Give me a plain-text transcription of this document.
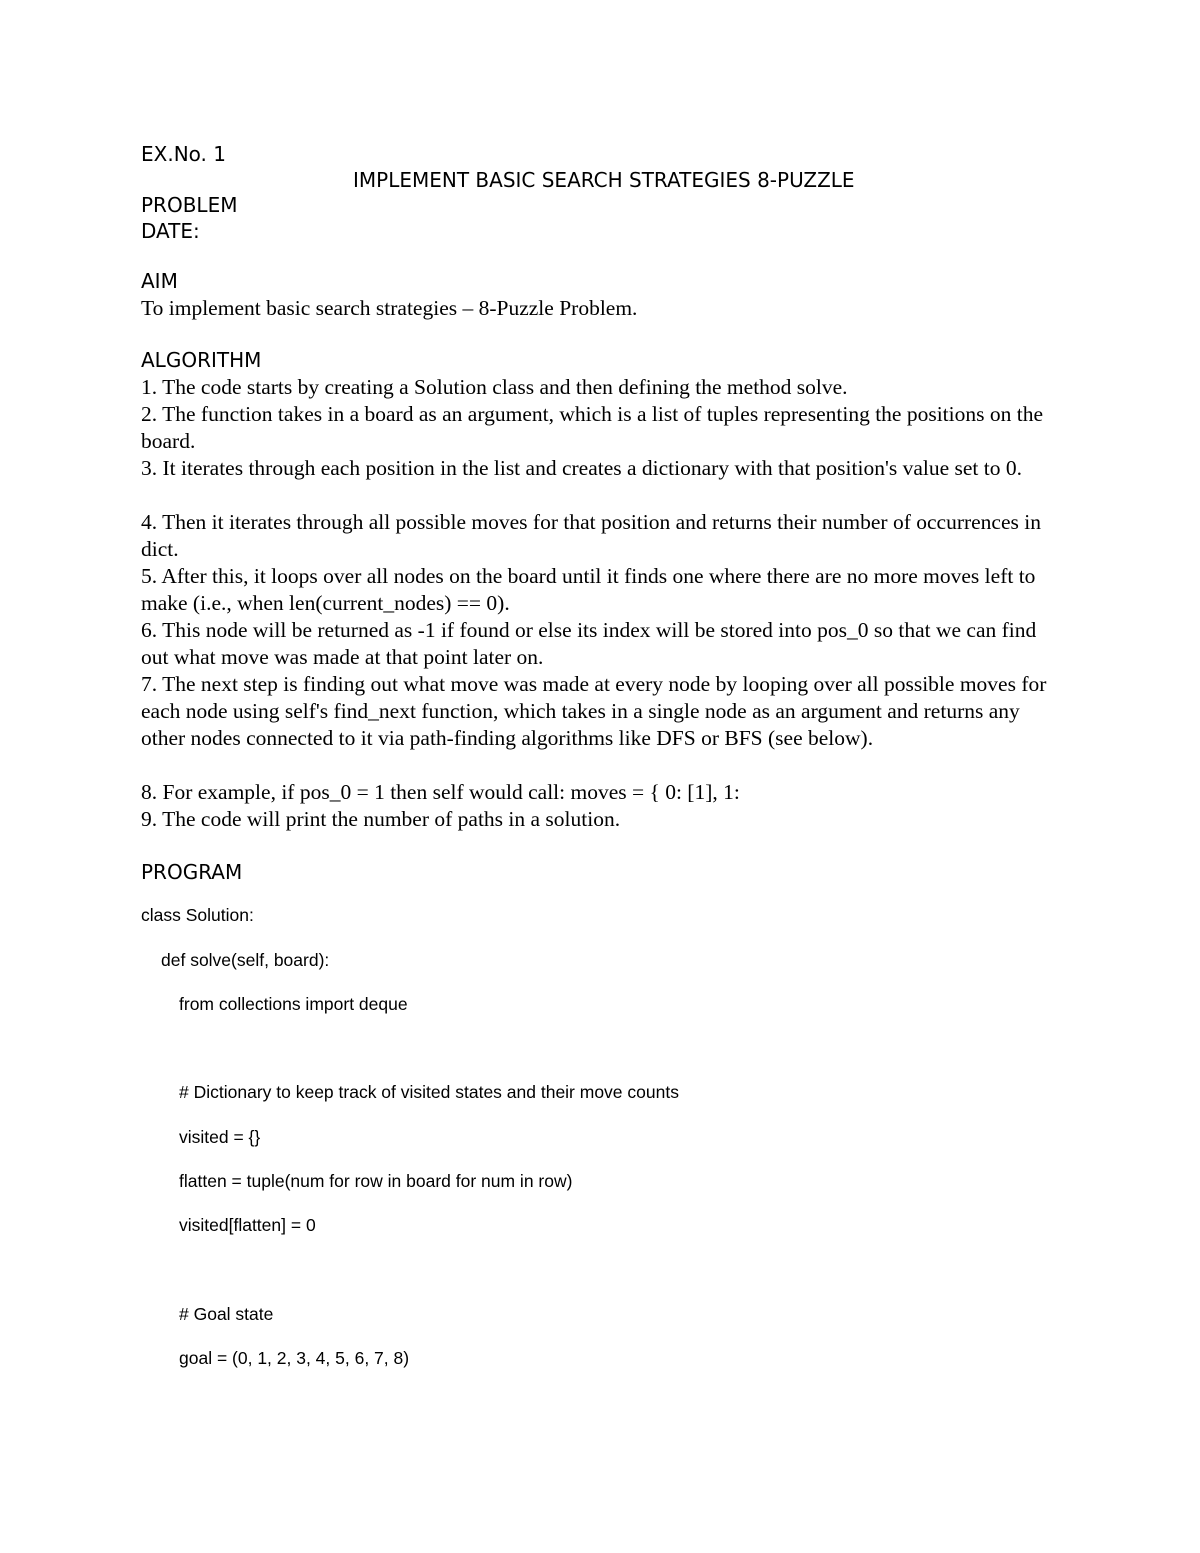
EX.No. 1
IMPLEMENT BASIC SEARCH STRATEGIES 8-PUZZLE
PROBLEM
DATE:
AIM
To implement basic search strategies – 8-Puzzle Problem.
ALGORITHM
1. The code starts by creating a Solution class and then defining the method solve.
2. The function takes in a board as an argument, which is a list of tuples representing the positions on the board.
3. It iterates through each position in the list and creates a dictionary with that position's value set to 0.
4. Then it iterates through all possible moves for that position and returns their number of occurrences in dict.
5. After this, it loops over all nodes on the board until it finds one where there are no more moves left to make (i.e., when len(current_nodes) == 0).
6. This node will be returned as -1 if found or else its index will be stored into pos_0 so that we can find out what move was made at that point later on.
7. The next step is finding out what move was made at every node by looping over all possible moves for each node using self's find_next function, which takes in a single node as an argument and returns any other nodes connected to it via path-finding algorithms like DFS or BFS (see below).
8. For example, if pos_0 = 1 then self would call: moves = { 0: [1], 1:
9. The code will print the number of paths in a solution.
PROGRAM
class Solution:
def solve(self, board):
from collections import deque
# Dictionary to keep track of visited states and their move counts
visited = {}
flatten = tuple(num for row in board for num in row)
visited[flatten] = 0
# Goal state
goal = (0, 1, 2, 3, 4, 5, 6, 7, 8)
